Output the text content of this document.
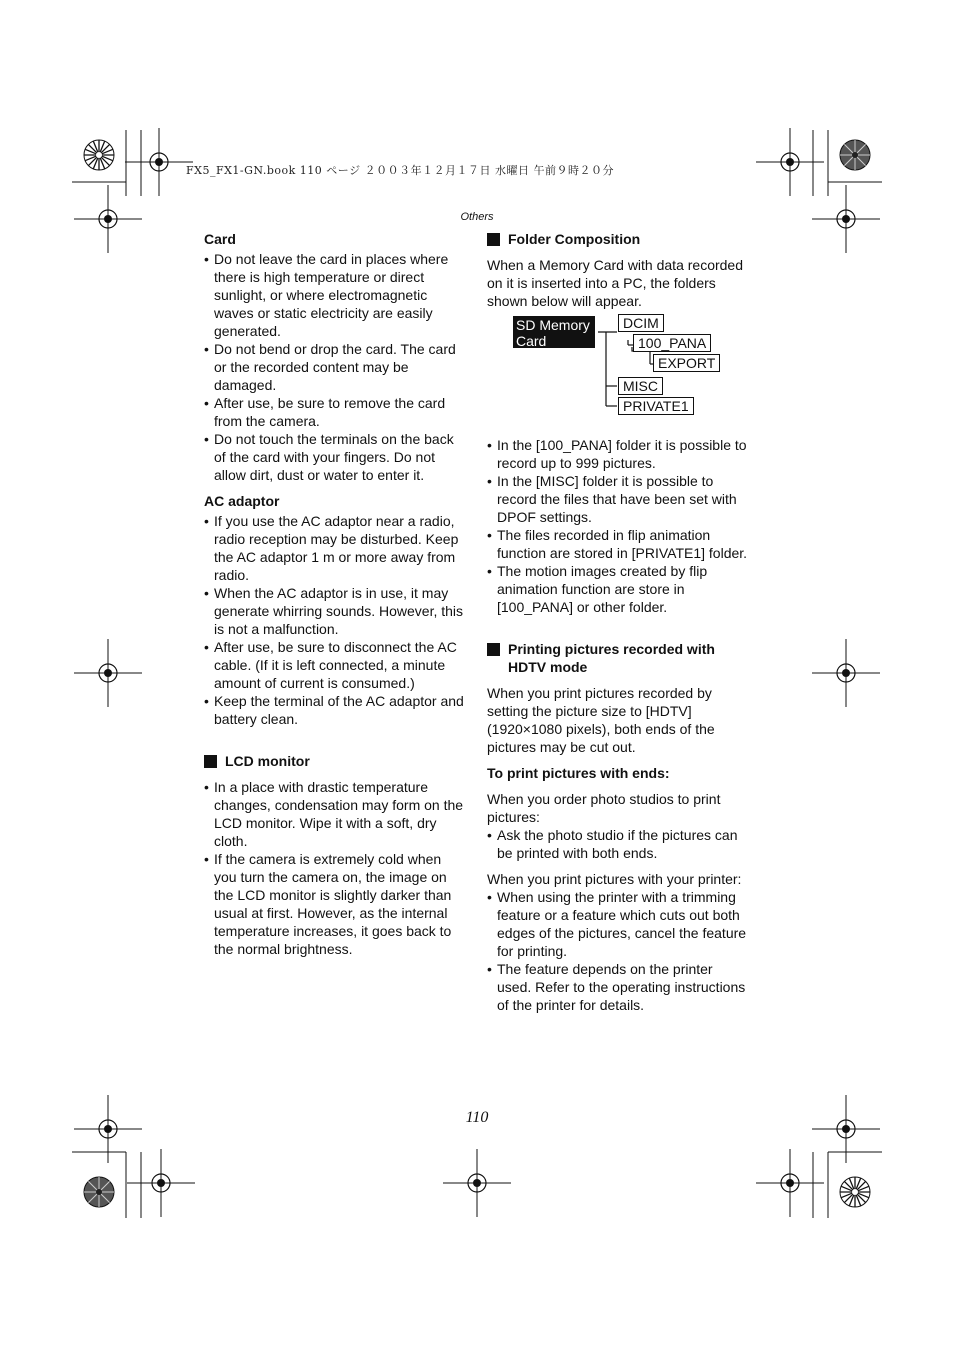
FX5_FX1-GN.book 110 ページ ２００３年１２月１７日 水曜日 午前９時２０分
Others
Card
• Do not leave the card in places where there is high temperature or direct sunlight, or where electromagnetic waves or static electricity are easily generated.
• Do not bend or drop the card. The card or the recorded content may be damaged.
• After use, be sure to remove the card from the camera.
• Do not touch the terminals on the back of the card with your fingers. Do not allow dirt, dust or water to enter it.
AC adaptor
• If you use the AC adaptor near a radio, radio reception may be disturbed. Keep the AC adaptor 1 m or more away from radio.
• When the AC adaptor is in use, it may generate whirring sounds. However, this is not a malfunction.
• After use, be sure to disconnect the AC cable. (If it is left connected, a minute amount of current is consumed.)
• Keep the terminal of the AC adaptor and battery clean.
LCD monitor
• In a place with drastic temperature changes, condensation may form on the LCD monitor. Wipe it with a soft, dry cloth.
• If the camera is extremely cold when you turn the camera on, the image on the LCD monitor is slightly darker than usual at first. However, as the internal temperature increases, it goes back to the normal brightness.
Folder Composition

When a Memory Card with data recorded on it is inserted into a PC, the folders shown below will appear.

SD Memory Card
DCIM
100_PANA
EXPORT
MISC
PRIVATE1
• In the [100_PANA] folder it is possible to record up to 999 pictures.
• In the [MISC] folder it is possible to record the files that have been set with DPOF settings.
• The files recorded in flip animation function are stored in [PRIVATE1] folder.
• The motion images created by flip animation function are store in [100_PANA] or other folder.
Printing pictures recorded with HDTV mode

When you print pictures recorded by setting the picture size to [HDTV] (1920×1080 pixels), both ends of the pictures may be cut out.

To print pictures with ends:

When you order photo studios to print pictures:

• Ask the photo studio if the pictures can be printed with both ends.

When you print pictures with your printer:

• When using the printer with a trimming feature or a feature which cuts out both edges of the pictures, cancel the feature for printing.
• The feature depends on the printer used. Refer to the operating instructions of the printer for details.
110
